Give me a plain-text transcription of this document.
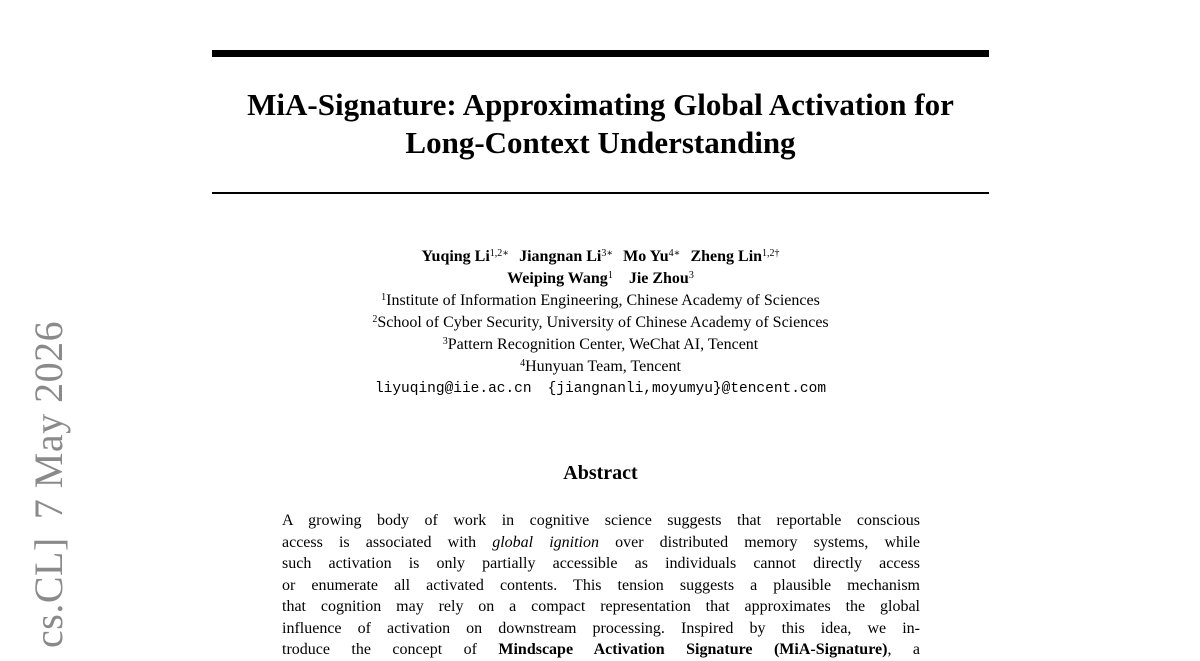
cs.CL]7 May 2026
MiA-Signature: Approximating Global Activation for
Long-Context Understanding
Yuqing $Li^{1,2∗}$ Jiangnan $Li^{3∗}$ Mo $Yu^{4∗}$ Zheng Lin$^{1,2\dagger}$
Weiping Wang$^1$ Jie Zhou$^3$
$^1$Institute of Information Engineering, Chinese Academy of Sciences
$^2$School of Cyber Security, University of Chinese Academy of Sciences
$^3$Pattern Recognition Center, WeChat AI, Tencent
$^4$Hunyuan Team, Tencent
liyuqing@iie.ac.cn {jiangnanli,moyumyu}@tencent.com
Abstract
A growing body of work in cognitive science suggests that reportable conscious
access is associated with global ignition over distributed memory systems, while
such activation is only partially accessible as individuals cannot directly access
or enumerate all activated contents. This tension suggests a plausible mechanism
that cognition may rely on a compact representation that approximates the global
influence of activation on downstream processing. Inspired by this idea, we in-
troduce the concept of Mindscape Activation Signature (MiA-Signature), a
